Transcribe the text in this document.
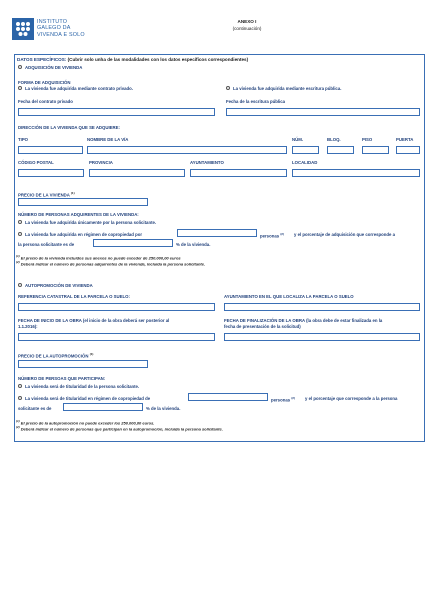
INSTITUTO
GALEGO DA
VIVENDA E SOLO
ANEXO I
(continuación)
DATOS ESPECÍFICOS: (Cubrir solo unha de las modalidades con los datos específicos correspondientes)
ADQUISICIÓN DE VIVIENDA
FORMA DE ADQUISICIÓN
La vivienda fue adquirida mediante contrato privado.	La vivienda fue adquirida mediante escritura pública.
Fecha del contrato privado	Fecha de la escritura pública
DIRECCIÓN DE LA VIVIENDA QUE SE ADQUIERE:
TIPO	NOMBRE DE LA VÍA	NÚM.	BLOQ.	PISO	PUERTA
CÓDIGO POSTAL	PROVINCIA	AYUNTAMIENTO	LOCALIDAD
PRECIO DE LA VIVIENDA $^{(1)}$
NÚMERO DE PERSONAS ADQUIRENTES DE LA VIVIENDA:
La vivienda fue adquirida únicamente por la persona solicitante.
La vivienda fue adquirida en régimen de copropiedad por	personas $^{(2)}$ y el porcentaje de adquisición que corresponde a
la persona solicitante es de	% de la vivienda.
$^{(1)}$ El precio de la vivienda incluidos sus anexos no puede exceder de 250.000,00 euros
$^{(2)}$ Deberá indicar el número de personas adquirentes de la vivienda, incluida la persona solicitante.
AUTOPROMOCIÓN DE VIVIENDA
REFERENCIA CATASTRAL DE LA PARCELA O SUELO:	AYUNTAMIENTO EN EL QUE LOCALIZA LA PARCELA O SUELO
FECHA DE INICIO DE LA OBRA (el inicio de la obra deberá ser posterior al
1.1.2016):
FECHA DE FINALIZACIÓN DE LA OBRA (la obra debe de estar finalizada en la
fecha de presentación de la solicitud)
PRECIO DE LA AUTOPROMOCIÓN $^{(1)}$
NÚMERO DE PERSOAS QUE PARTICIPAN:
La vivienda será de titularidad de la persona solicitante.
La vivienda será de titularidad en régimen de copropiedad de	personas $^{(2)}$ y el porcentaje que corresponde a la persona
solicitante es de	% de la vivienda.
$^{(1)}$ El precio de la autopromoción no puede exceder los 250.000,00 euros.
$^{(2)}$ Deberá indicar el número de personas que participan en la autopromoción, incluida la persona solicitante.
